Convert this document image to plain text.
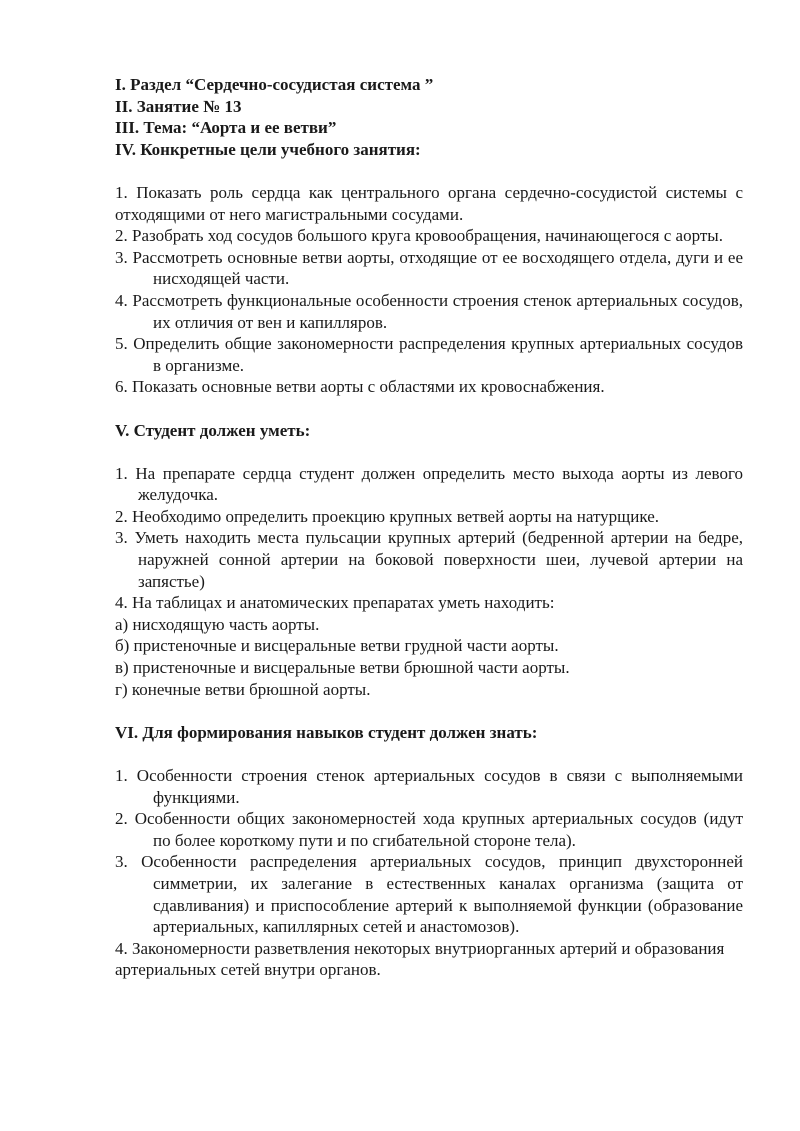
I. Раздел “Сердечно-сосудистая система ”

II. Занятие № 13

III. Тема: “Аорта и ее ветви”

IV. Конкретные цели учебного занятия:

1. Показать роль сердца как центрального органа сердечно-сосудистой системы с отходящими от него магистральными сосудами.

2. Разобрать ход сосудов большого круга кровообращения, начинающегося с аорты.

3. Рассмотреть основные ветви аорты, отходящие от ее восходящего отдела, дуги и ее нисходящей части.

4. Рассмотреть функциональные особенности строения стенок артериальных сосудов, их отличия от вен и капилляров.

5. Определить общие закономерности распределения крупных артериальных сосудов в организме.

6. Показать основные ветви аорты с областями их кровоснабжения.

V. Студент должен уметь:

1. На препарате сердца студент должен определить место выхода аорты из левого желудочка.

2. Необходимо определить проекцию крупных ветвей аорты на натурщике.

3. Уметь находить места пульсации крупных артерий (бедренной артерии на бедре, наружней сонной артерии на боковой поверхности шеи, лучевой артерии на запястье)

4. На таблицах и анатомических препаратах уметь находить:

а) нисходящую часть аорты.

б) пристеночные и висцеральные ветви грудной части аорты.

в) пристеночные и висцеральные ветви брюшной части аорты.

г) конечные ветви брюшной аорты.

VI. Для формирования навыков студент должен знать:

1. Особенности строения стенок артериальных сосудов в связи с выполняемыми функциями.

2. Особенности общих закономерностей хода крупных артериальных сосудов (идут по более короткому пути и по сгибательной стороне тела).

3. Особенности распределения артериальных сосудов, принцип двухсторонней симметрии, их залегание в естественных каналах организма (защита от сдавливания) и приспособление артерий к выполняемой функции (образование артериальных, капиллярных сетей и анастомозов).

4. Закономерности разветвления некоторых внутриорганных артерий и образования артериальных сетей внутри органов.
